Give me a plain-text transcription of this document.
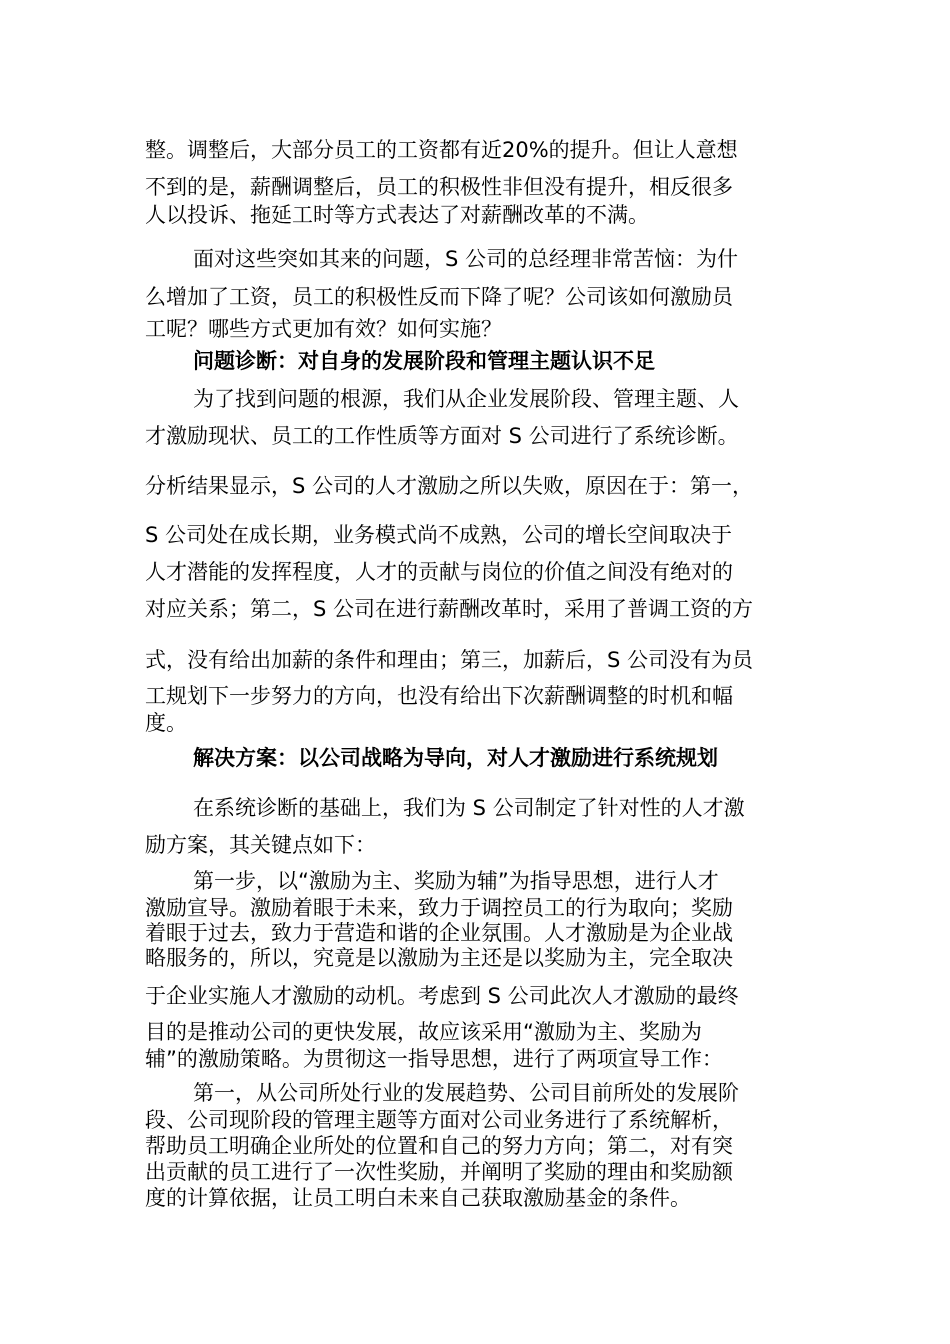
整。调整后，大部分员工的工资都有近20%的提升。但让人意想
不到的是，薪酬调整后，员工的积极性非但没有提升，相反很多
人以投诉、拖延工时等方式表达了对薪酬改革的不满。
面对这些突如其来的问题，S 公司的总经理非常苦恼：为什
么增加了工资，员工的积极性反而下降了呢？公司该如何激励员
工呢？哪些方式更加有效？如何实施？
问题诊断：对自身的发展阶段和管理主题认识不足
为了找到问题的根源，我们从企业发展阶段、管理主题、人
才激励现状、员工的工作性质等方面对 S 公司进行了系统诊断。
分析结果显示，S 公司的人才激励之所以失败，原因在于：第一，
S 公司处在成长期，业务模式尚不成熟，公司的增长空间取决于
人才潜能的发挥程度，人才的贡献与岗位的价值之间没有绝对的
对应关系；第二，S 公司在进行薪酬改革时，采用了普调工资的方
式，没有给出加薪的条件和理由；第三，加薪后，S 公司没有为员
工规划下一步努力的方向，也没有给出下次薪酬调整的时机和幅
度。
解决方案：以公司战略为导向，对人才激励进行系统规划
在系统诊断的基础上，我们为 S 公司制定了针对性的人才激
励方案，其关键点如下：
第一步，以“激励为主、奖励为辅”为指导思想，进行人才
激励宣导。激励着眼于未来，致力于调控员工的行为取向；奖励
着眼于过去，致力于营造和谐的企业氛围。人才激励是为企业战
略服务的，所以，究竟是以激励为主还是以奖励为主，完全取决
于企业实施人才激励的动机。考虑到 S 公司此次人才激励的最终
目的是推动公司的更快发展，故应该采用“激励为主、奖励为
辅”的激励策略。为贯彻这一指导思想，进行了两项宣导工作：
第一，从公司所处行业的发展趋势、公司目前所处的发展阶
段、公司现阶段的管理主题等方面对公司业务进行了系统解析，
帮助员工明确企业所处的位置和自己的努力方向；第二，对有突
出贡献的员工进行了一次性奖励，并阐明了奖励的理由和奖励额
度的计算依据，让员工明白未来自己获取激励基金的条件。
